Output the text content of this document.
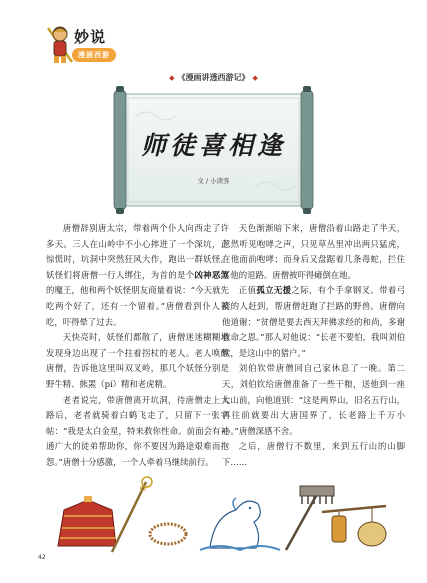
妙说
漫画西游
◆ 《漫画讲透西游记》 ◆
师徒喜相逢
文 / 小读客

唐僧辞别唐太宗，带着两个仆人向西走了许多天。三人在山岭中不小心摔进了一个深坑，正惊慌时，坑洞中突然狂风大作，跑出一群妖怪。妖怪们将唐僧一行人绑住，为首的是个凶神恶煞的魔王，他和两个妖怪朋友商量着说：“今天就先吃两个好了，还有一个留着。”唐僧看到仆人被吃，吓得晕了过去。

天快亮时，妖怪们都散了，唐僧迷迷糊糊地发现身边出现了一个拄着拐杖的老人。老人唤醒唐僧，告诉他这里叫双叉岭，那几个妖怪分别是野牛精、熊罴（pí）精和老虎精。

老者说完，带唐僧离开坑洞，待唐僧走上大路后，老者就骑着白鹤飞走了，只留下一张字帖：“我是太白金星，特来救你性命。前面会有神通广大的徒弟帮助你，你不要因为路途艰难而抱怨。”唐僧十分感激，一个人牵着马继续前行。

天色渐渐暗下来，唐僧沿着山路走了半天，忽然听见咆哮之声，只见草丛里冲出两只猛虎，在他面前咆哮；而身后又盘踞着几条毒蛇，拦住了他的退路。唐僧被吓得瘫倒在地。

正值孤立无援之际，有个手拿钢叉、带着弓箭的人赶到，帮唐僧赶跑了拦路的野兽。唐僧向他道谢：“贫僧是要去西天拜佛求经的和尚，多谢救命之恩。”那人对他说：“长老不要怕，我叫刘伯钦，是这山中的猎户。”

刘伯钦带唐僧回自己家休息了一晚。第二天，刘伯钦给唐僧准备了一些干粮，送他到一座大山前，向他道别：“这是两界山，旧名五行山，再往前就要出大唐国界了，长老路上千万小心。”唐僧深感不舍。

之后，唐僧行不数里，来到五行山的山脚下……

42
